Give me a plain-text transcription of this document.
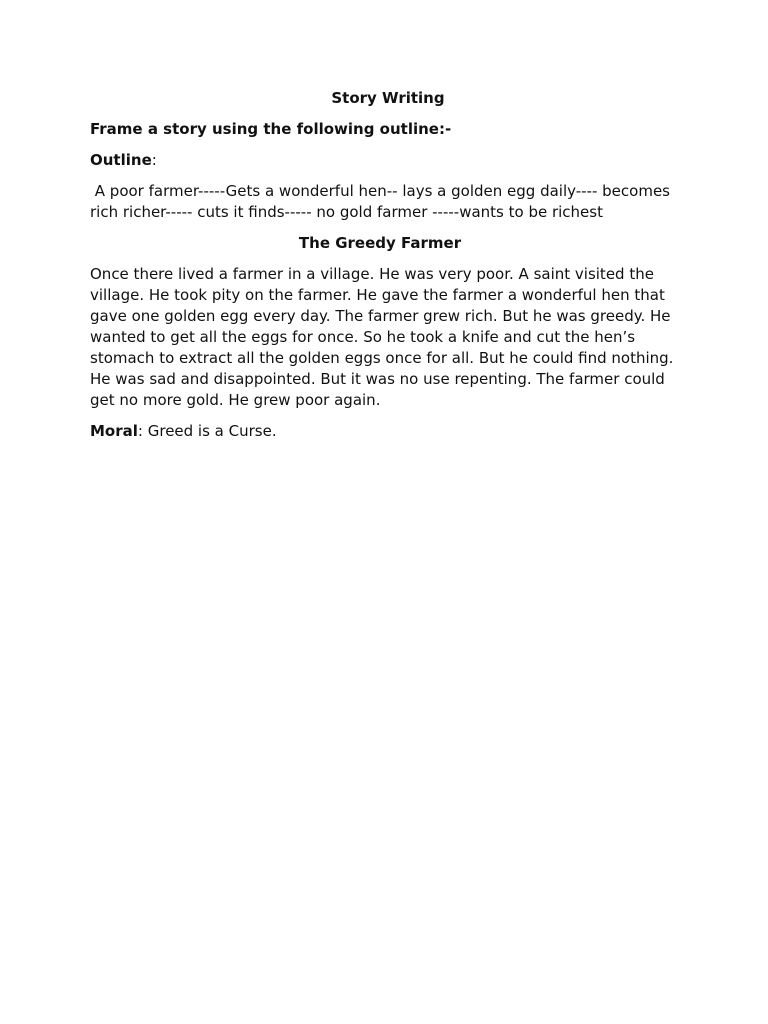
Story Writing

Frame a story using the following outline:-

Outline:

A poor farmer-----Gets a wonderful hen-- lays a golden egg daily---- becomes rich richer----- cuts it finds----- no gold farmer -----wants to be richest

The Greedy Farmer

Once there lived a farmer in a village. He was very poor. A saint visited the village. He took pity on the farmer. He gave the farmer a wonderful hen that gave one golden egg every day. The farmer grew rich. But he was greedy. He wanted to get all the eggs for once. So he took a knife and cut the hen’s stomach to extract all the golden eggs once for all. But he could find nothing. He was sad and disappointed. But it was no use repenting. The farmer could get no more gold. He grew poor again.

Moral: Greed is a Curse.
